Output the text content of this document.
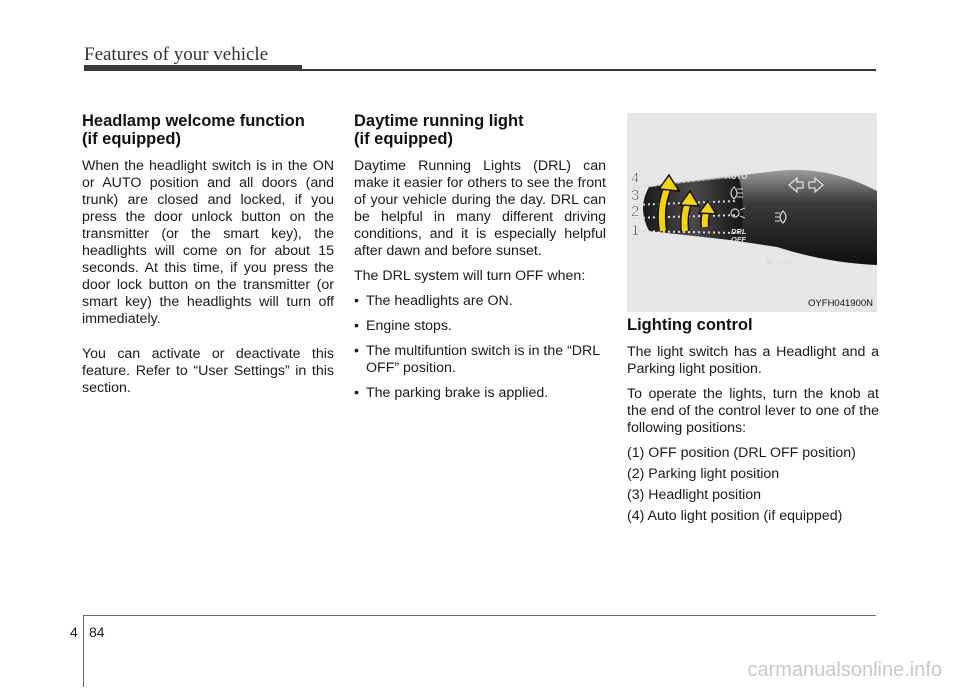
Features of your vehicle
Headlamp welcome function
(if equipped)

When the headlight switch is in the ON or AUTO position and all doors (and trunk) are closed and locked, if you press the door unlock button on the transmitter (or the smart key), the headlights will come on for about 15 seconds. At this time, if you press the door lock button on the transmitter (or smart key) the headlights will turn off immediately.

You can activate or deactivate this feature. Refer to “User Settings” in this section.

Daytime running light
(if equipped)

Daytime Running Lights (DRL) can make it easier for others to see the front of your vehicle during the day. DRL can be helpful in many different driving conditions, and it is especially helpful after dawn and before sunset.

The DRL system will turn OFF when:

• The headlights are ON.
• Engine stops.
• The multifuntion switch is in the “DRL OFF” position.
• The parking brake is applied.
AUTO
DRL
OFF
OFF
4
3
2
1
OYFH041900N
Lighting control

The light switch has a Headlight and a Parking light position.

To operate the lights, turn the knob at the end of the control lever to one of the following positions:

(1) OFF position (DRL OFF position)
(2) Parking light position
(3) Headlight position
(4) Auto light position (if equipped)
4 84
carmanualsonline.info
